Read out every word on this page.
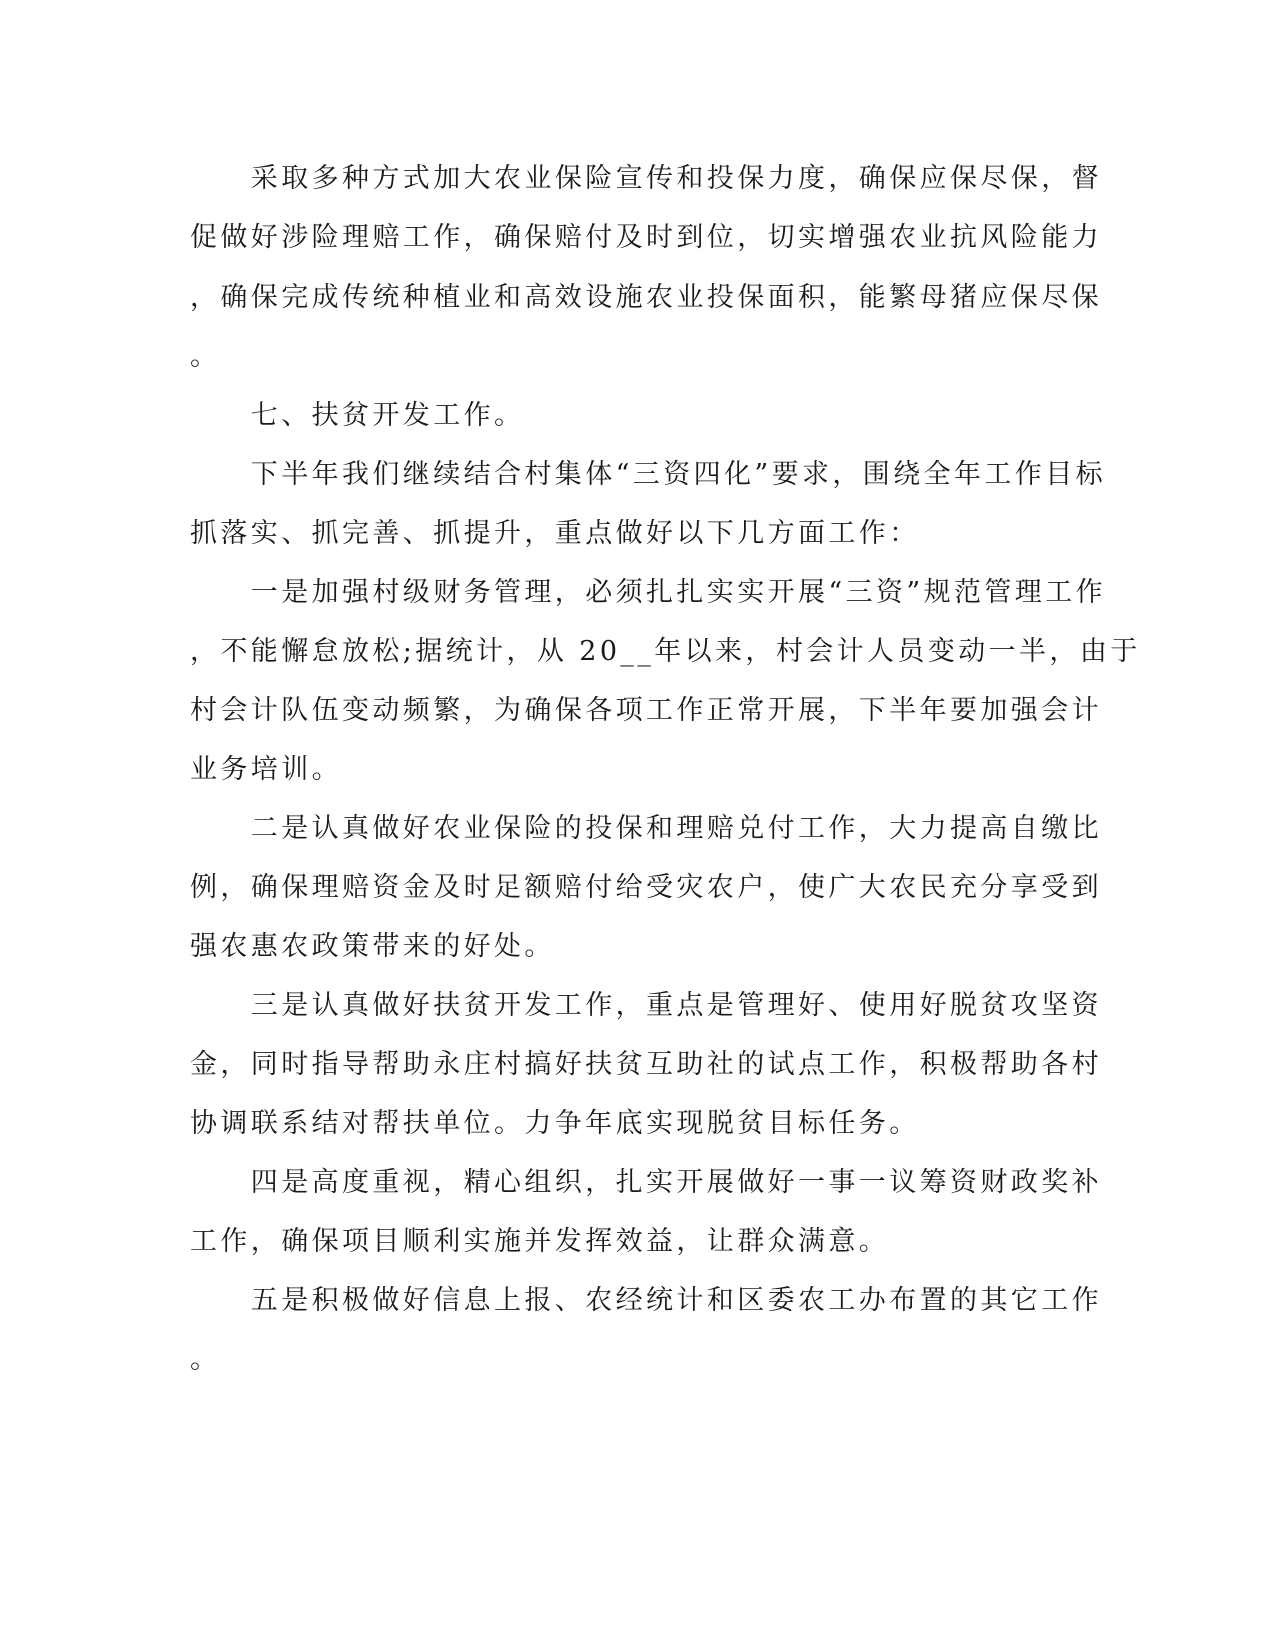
　　采取多种方式加大农业保险宣传和投保力度，确保应保尽保，督
促做好涉险理赔工作，确保赔付及时到位，切实增强农业抗风险能力
，确保完成传统种植业和高效设施农业投保面积，能繁母猪应保尽保
。
　　七、扶贫开发工作。
　　下半年我们继续结合村集体“三资四化”要求，围绕全年工作目标
抓落实、抓完善、抓提升，重点做好以下几方面工作：
　　一是加强村级财务管理，必须扎扎实实开展“三资”规范管理工作
，不能懈怠放松;据统计，从 20__年以来，村会计人员变动一半，由于
村会计队伍变动频繁，为确保各项工作正常开展，下半年要加强会计
业务培训。
　　二是认真做好农业保险的投保和理赔兑付工作，大力提高自缴比
例，确保理赔资金及时足额赔付给受灾农户，使广大农民充分享受到
强农惠农政策带来的好处。
　　三是认真做好扶贫开发工作，重点是管理好、使用好脱贫攻坚资
金，同时指导帮助永庄村搞好扶贫互助社的试点工作，积极帮助各村
协调联系结对帮扶单位。力争年底实现脱贫目标任务。
　　四是高度重视，精心组织，扎实开展做好一事一议筹资财政奖补
工作，确保项目顺利实施并发挥效益，让群众满意。
　　五是积极做好信息上报、农经统计和区委农工办布置的其它工作
。
